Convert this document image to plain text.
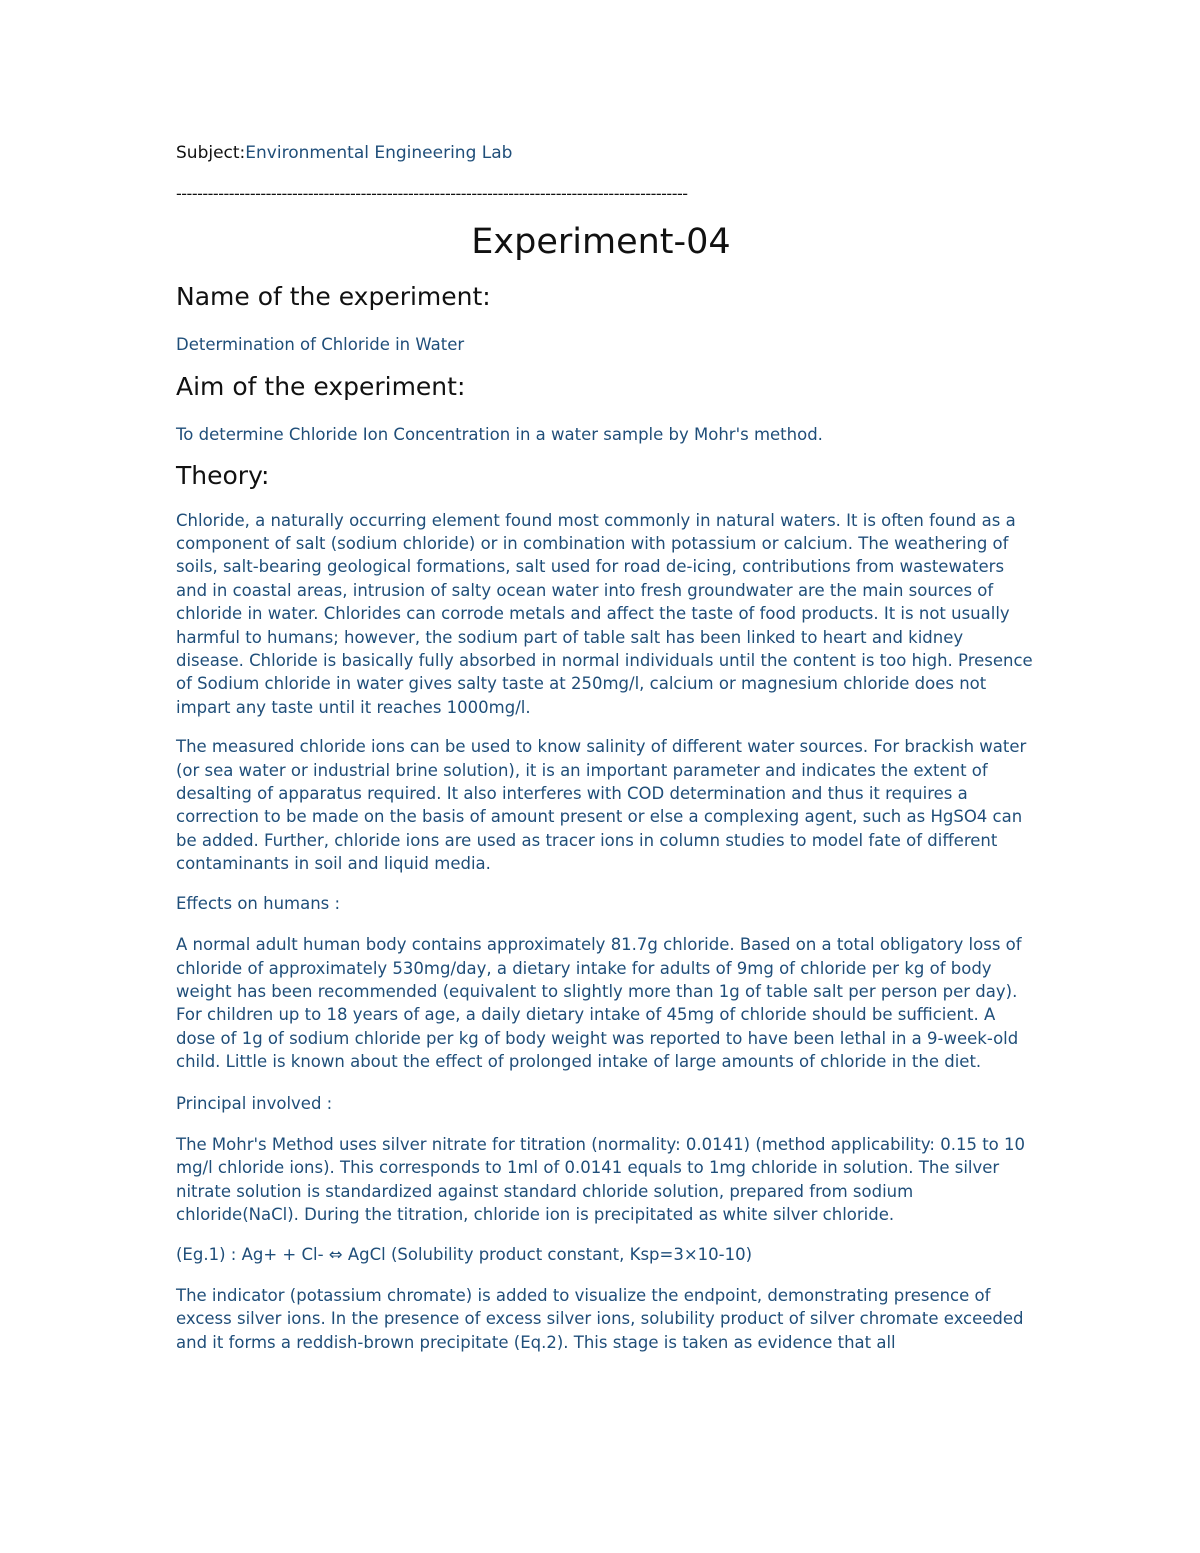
Subject:Environmental Engineering Lab
-------------------------------------------------------------------------------------------------
Experiment-04
Name of the experiment:
Determination of Chloride in Water
Aim of the experiment:
To determine Chloride Ion Concentration in a water sample by Mohr's method.
Theory:

Chloride, a naturally occurring element found most commonly in natural waters. It is often found as a component of salt (sodium chloride) or in combination with potassium or calcium. The weathering of soils, salt-bearing geological formations, salt used for road de-icing, contributions from wastewaters and in coastal areas, intrusion of salty ocean water into fresh groundwater are the main sources of chloride in water. Chlorides can corrode metals and affect the taste of food products. It is not usually harmful to humans; however, the sodium part of table salt has been linked to heart and kidney disease. Chloride is basically fully absorbed in normal individuals until the content is too high. Presence of Sodium chloride in water gives salty taste at 250mg/l, calcium or magnesium chloride does not impart any taste until it reaches 1000mg/l.

The measured chloride ions can be used to know salinity of different water sources. For brackish water (or sea water or industrial brine solution), it is an important parameter and indicates the extent of desalting of apparatus required. It also interferes with COD determination and thus it requires a correction to be made on the basis of amount present or else a complexing agent, such as HgSO4 can be added. Further, chloride ions are used as tracer ions in column studies to model fate of different contaminants in soil and liquid media.

Effects on humans :

A normal adult human body contains approximately 81.7g chloride. Based on a total obligatory loss of chloride of approximately 530mg/day, a dietary intake for adults of 9mg of chloride per kg of body weight has been recommended (equivalent to slightly more than 1g of table salt per person per day). For children up to 18 years of age, a daily dietary intake of 45mg of chloride should be sufficient. A dose of 1g of sodium chloride per kg of body weight was reported to have been lethal in a 9-week-old child. Little is known about the effect of prolonged intake of large amounts of chloride in the diet.

Principal involved :

The Mohr's Method uses silver nitrate for titration (normality: 0.0141) (method applicability: 0.15 to 10 mg/l chloride ions). This corresponds to 1ml of 0.0141 equals to 1mg chloride in solution. The silver nitrate solution is standardized against standard chloride solution, prepared from sodium chloride(NaCl). During the titration, chloride ion is precipitated as white silver chloride.

(Eg.1) : Ag+ + Cl- ⇔ AgCl (Solubility product constant, Ksp=3×10-10)

The indicator (potassium chromate) is added to visualize the endpoint, demonstrating presence of excess silver ions. In the presence of excess silver ions, solubility product of silver chromate exceeded and it forms a reddish-brown precipitate (Eq.2). This stage is taken as evidence that all
